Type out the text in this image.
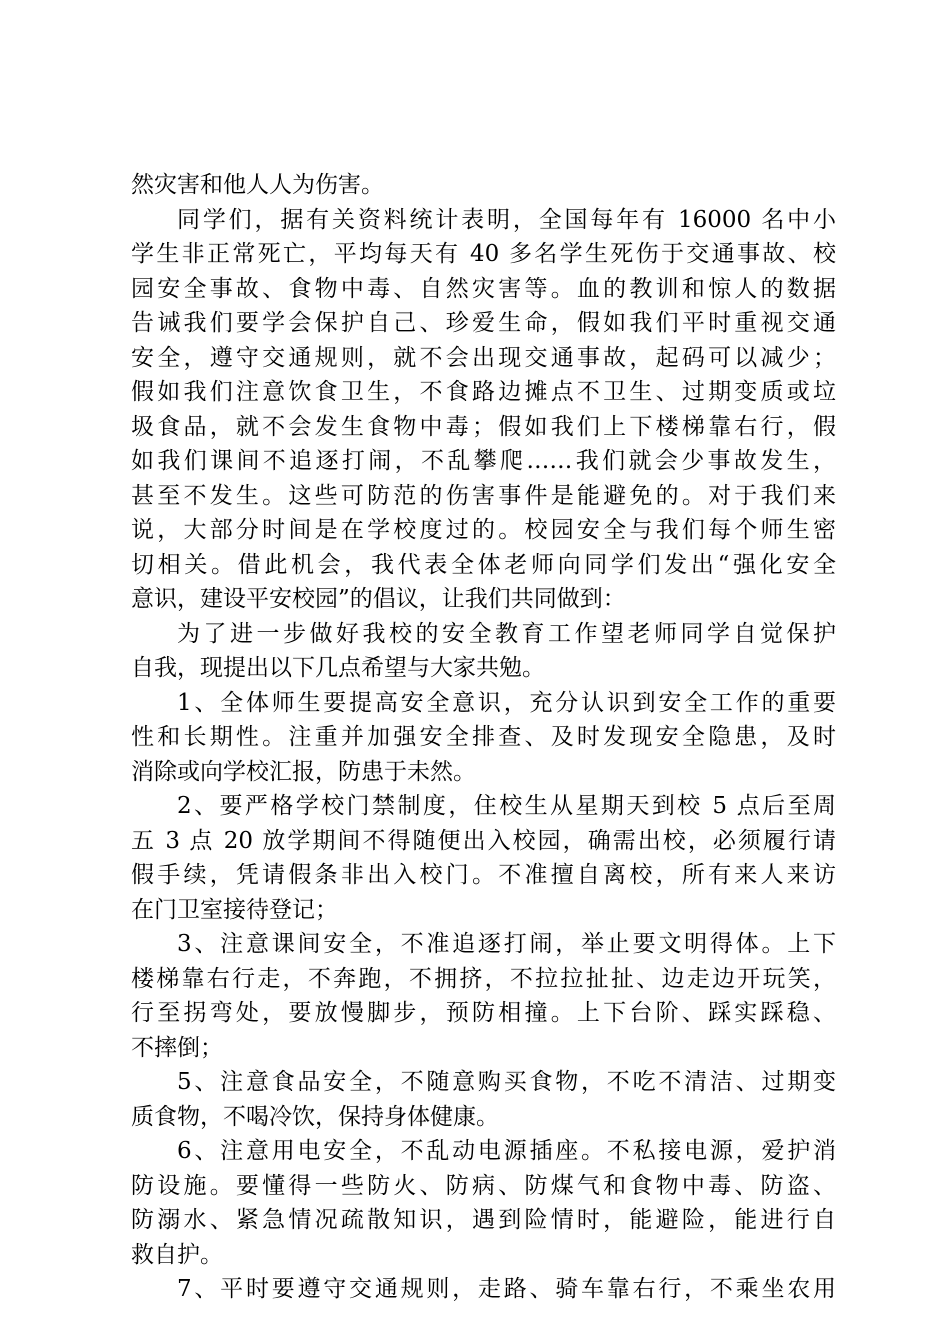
然灾害和他人人为伤害。
同学们，据有关资料统计表明，全国每年有 16000 名中小
学生非正常死亡，平均每天有 40 多名学生死伤于交通事故、校
园安全事故、食物中毒、自然灾害等。血的教训和惊人的数据
告诫我们要学会保护自己、珍爱生命，假如我们平时重视交通
安全，遵守交通规则，就不会出现交通事故，起码可以减少；
假如我们注意饮食卫生，不食路边摊点不卫生、过期变质或垃
圾食品，就不会发生食物中毒；假如我们上下楼梯靠右行，假
如我们课间不追逐打闹，不乱攀爬……我们就会少事故发生，
甚至不发生。这些可防范的伤害事件是能避免的。对于我们来
说，大部分时间是在学校度过的。校园安全与我们每个师生密
切相关。借此机会，我代表全体老师向同学们发出“强化安全
意识，建设平安校园”的倡议，让我们共同做到：
为了进一步做好我校的安全教育工作望老师同学自觉保护
自我，现提出以下几点希望与大家共勉。
1、全体师生要提高安全意识，充分认识到安全工作的重要
性和长期性。注重并加强安全排查、及时发现安全隐患，及时
消除或向学校汇报，防患于未然。
2、要严格学校门禁制度，住校生从星期天到校 5 点后至周
五 3 点 20 放学期间不得随便出入校园，确需出校，必须履行请
假手续，凭请假条非出入校门。不准擅自离校，所有来人来访
在门卫室接待登记；
3、注意课间安全，不准追逐打闹，举止要文明得体。上下
楼梯靠右行走，不奔跑，不拥挤，不拉拉扯扯、边走边开玩笑，
行至拐弯处，要放慢脚步，预防相撞。上下台阶、踩实踩稳、
不摔倒；
5、注意食品安全，不随意购买食物，不吃不清洁、过期变
质食物，不喝冷饮，保持身体健康。
6、注意用电安全，不乱动电源插座。不私接电源，爱护消
防设施。要懂得一些防火、防病、防煤气和食物中毒、防盗、
防溺水、紧急情况疏散知识，遇到险情时，能避险，能进行自
救自护。
7、平时要遵守交通规则，走路、骑车靠右行，不乘坐农用
